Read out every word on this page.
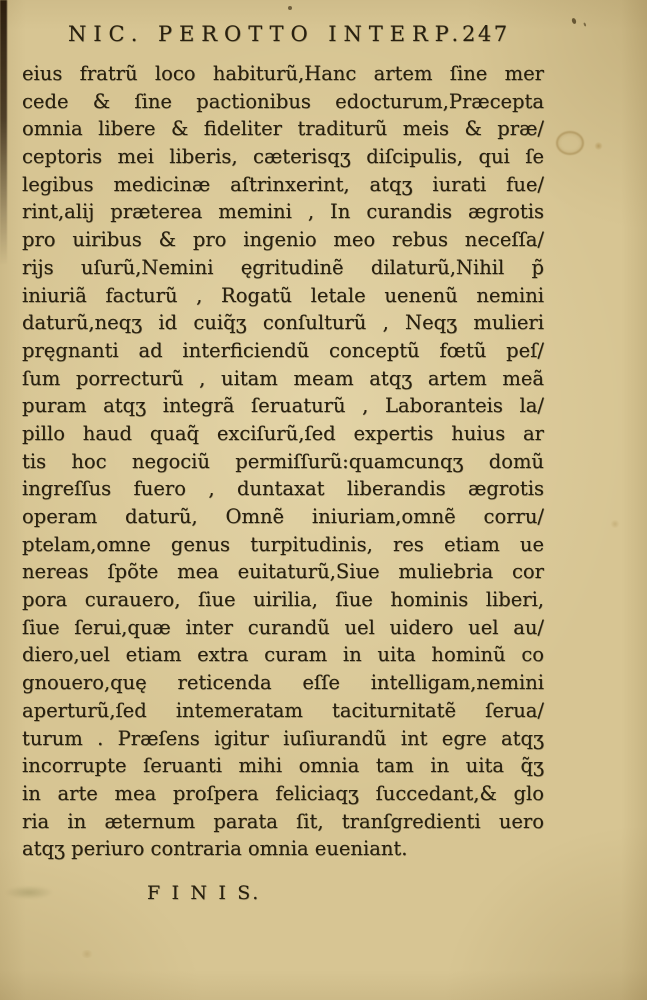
NIC. PEROTTO INTERP.
247
eius fratrũ loco habiturũ,Hanc artem ſine mer
cede & ſine pactionibus edocturum,Præcepta
omnia libere & fideliter traditurũ meis & præ/
ceptoris mei liberis, cæterisqʒ diſcipulis, qui ſe
legibus medicinæ aſtrinxerint, atqʒ iurati fue/
rint,alij præterea memini , In curandis ægrotis
pro uiribus & pro ingenio meo rebus neceſſa/
rijs uſurũ,Nemini ęgritudinẽ dilaturũ,Nihil p̃
iniuriã facturũ , Rogatũ letale uenenũ nemini
daturũ,neqʒ id cuiq̃ʒ conſulturũ , Neqʒ mulieri
pręgnanti ad interficiendũ conceptũ fœtũ peſ/
ſum porrecturũ , uitam meam atqʒ artem meã
puram atqʒ integrã ſeruaturũ , Laboranteis la/
pillo haud quaq̃ exciſurũ,ſed expertis huius ar
tis hoc negociũ permiſſurũ:quamcunqʒ domũ
ingreſſus fuero , duntaxat liberandis ægrotis
operam daturũ, Omnẽ iniuriam,omnẽ corru/
ptelam,omne genus turpitudinis, res etiam ue
nereas ſpõte mea euitaturũ,Siue muliebria cor
pora curauero, ſiue uirilia, ſiue hominis liberi,
ſiue ſerui,quæ inter curandũ uel uidero uel au/
diero,uel etiam extra curam in uita hominũ co
gnouero,quę reticenda eſſe intelligam,nemini
aperturũ,ſed intemeratam taciturnitatẽ ſerua/
turum . Præſens igitur iuſiurandũ int egre atqʒ
incorrupte ſeruanti mihi omnia tam in uita q̃ʒ
in arte mea proſpera feliciaqʒ ſuccedant,& glo
ria in æternum parata ſit, tranſgredienti uero
atqʒ periuro contraria omnia eueniant.
F I N I S.
